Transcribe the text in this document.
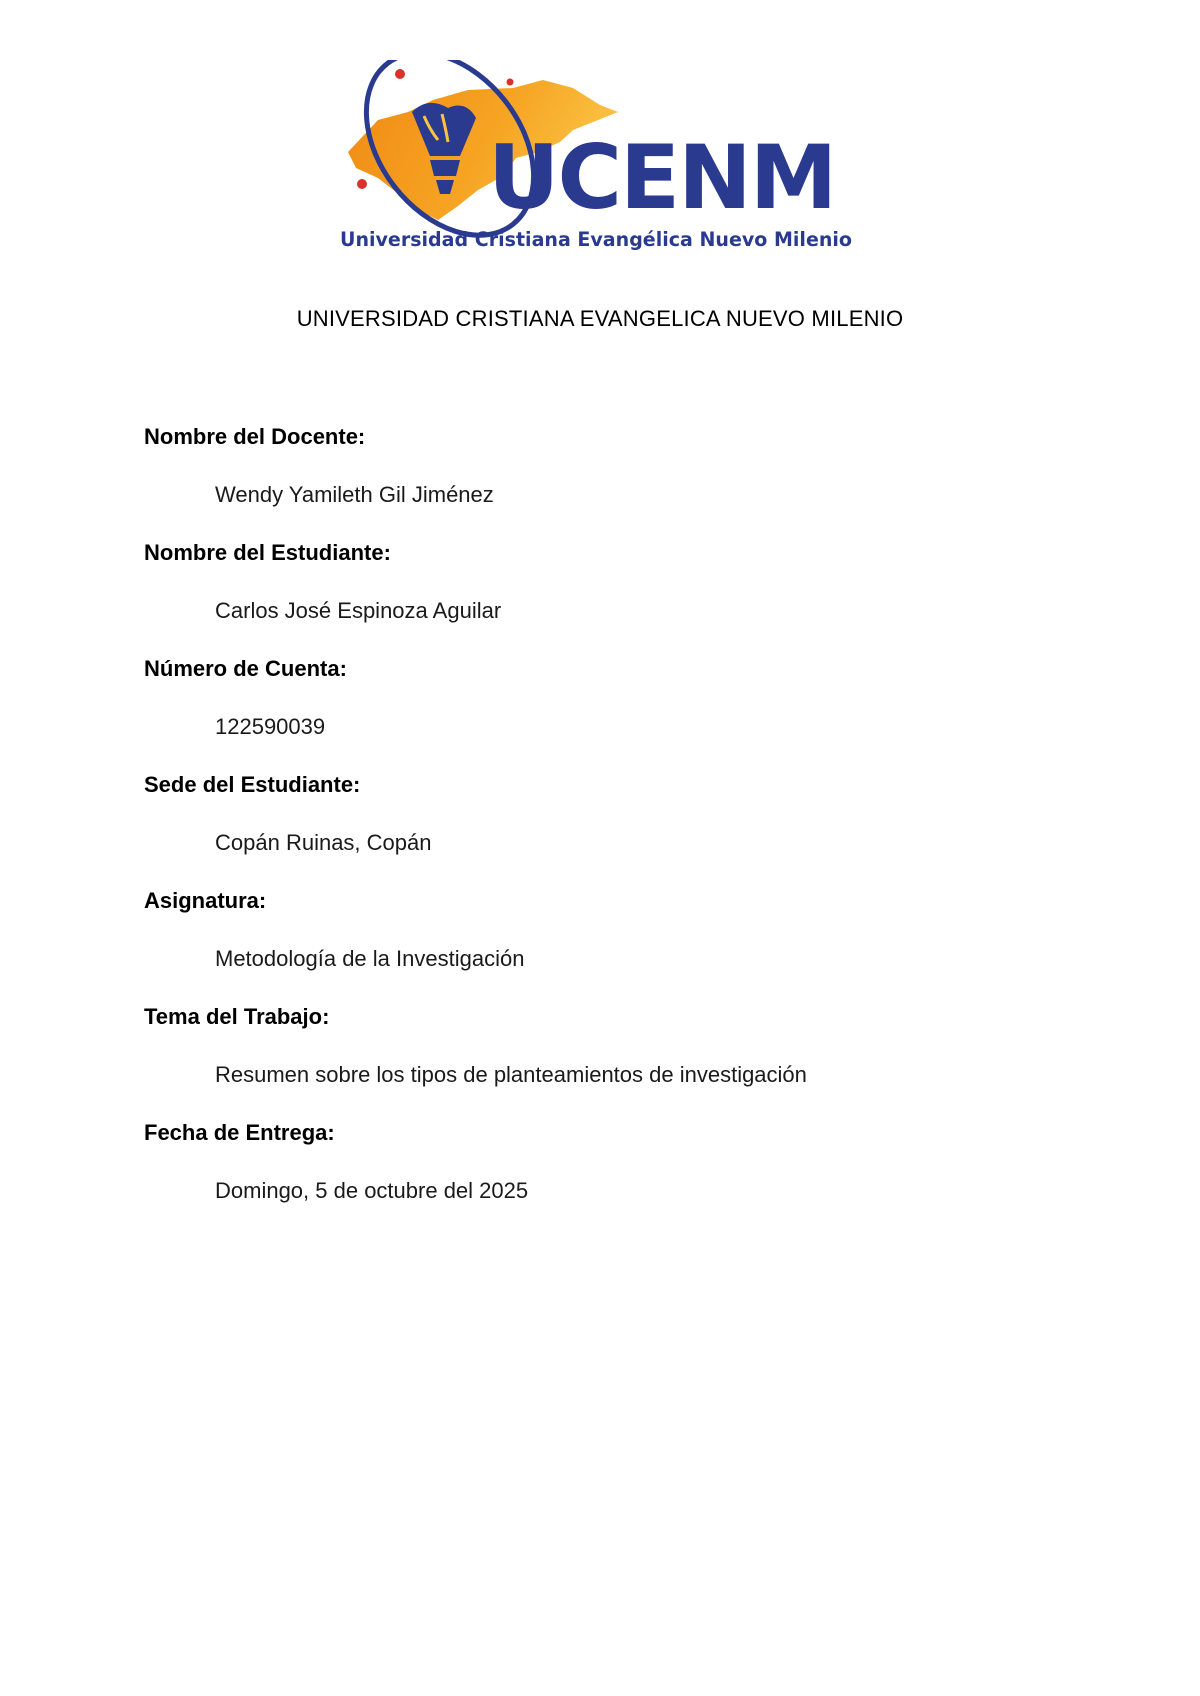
UCENM
Universidad Cristiana Evangélica Nuevo Milenio
UNIVERSIDAD CRISTIANA EVANGELICA NUEVO MILENIO
Nombre del Docente:
Wendy Yamileth Gil Jiménez
Nombre del Estudiante:
Carlos José Espinoza Aguilar
Número de Cuenta:
122590039
Sede del Estudiante:
Copán Ruinas, Copán
Asignatura:
Metodología de la Investigación
Tema del Trabajo:
Resumen sobre los tipos de planteamientos de investigación
Fecha de Entrega:
Domingo, 5 de octubre del 2025
